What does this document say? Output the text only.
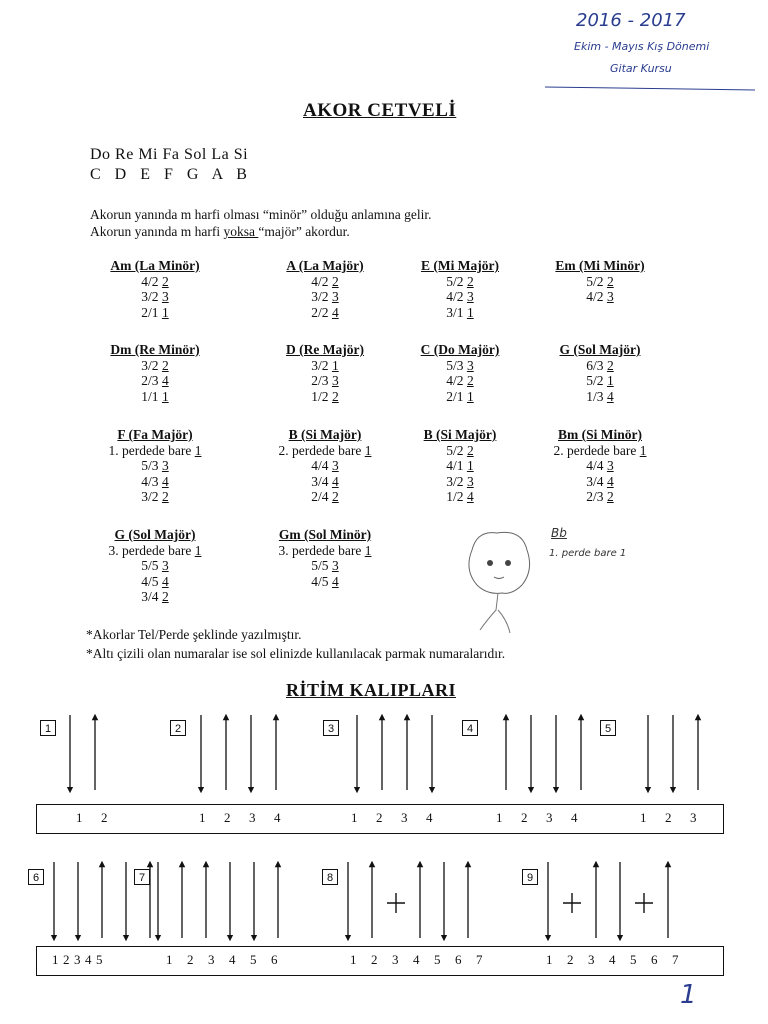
2016 - 2017
Ekim - Mayıs Kış Dönemi
Gitar Kursu
AKOR CETVELİ
Do Re Mi Fa Sol La Si
C D E F G A B
Akorun yanında m harfi olması “minör” olduğu anlamına gelir.
Akorun yanında m harfi yoksa “majör” akordur.
Am (La Minör)
4/2 2
3/2 3
2/1 1
A (La Majör)
4/2 2
3/2 3
2/2 4
E (Mi Majör)
5/2 2
4/2 3
3/1 1
Em (Mi Minör)
5/2 2
4/2 3
Dm (Re Minör)
3/2 2
2/3 4
1/1 1
D (Re Majör)
3/2 1
2/3 3
1/2 2
C (Do Majör)
5/3 3
4/2 2
2/1 1
G (Sol Majör)
6/3 2
5/2 1
1/3 4
F (Fa Majör)
1. perdede bare 1
5/3 3
4/3 4
3/2 2
B (Si Majör)
2. perdede bare 1
4/4 3
3/4 4
2/4 2
B (Si Majör)
5/2 2
4/1 1
3/2 3
1/2 4
Bm (Si Minör)
2. perdede bare 1
4/4 3
3/4 4
2/3 2
G (Sol Majör)
3. perdede bare 1
5/5 3
4/5 4
3/4 2
Gm (Sol Minör)
3. perdede bare 1
5/5 3
4/5 4
Bb
1. perde bare 1
*Akorlar Tel/Perde şeklinde yazılmıştır.
*Altı çizili olan numaralar ise sol elinizde kullanılacak parmak numaralarıdır.
RİTİM KALIPLARI
1
1 2
2
1 2 3 4
3
1 2 3 4
4
1 2 3 4
5
1 2 3
6
1 2 3 4 5
7
1 2 3 4 5 6
8
1 2 3 4 5 6 7
9
1 2 3 4 5 6 7
1
